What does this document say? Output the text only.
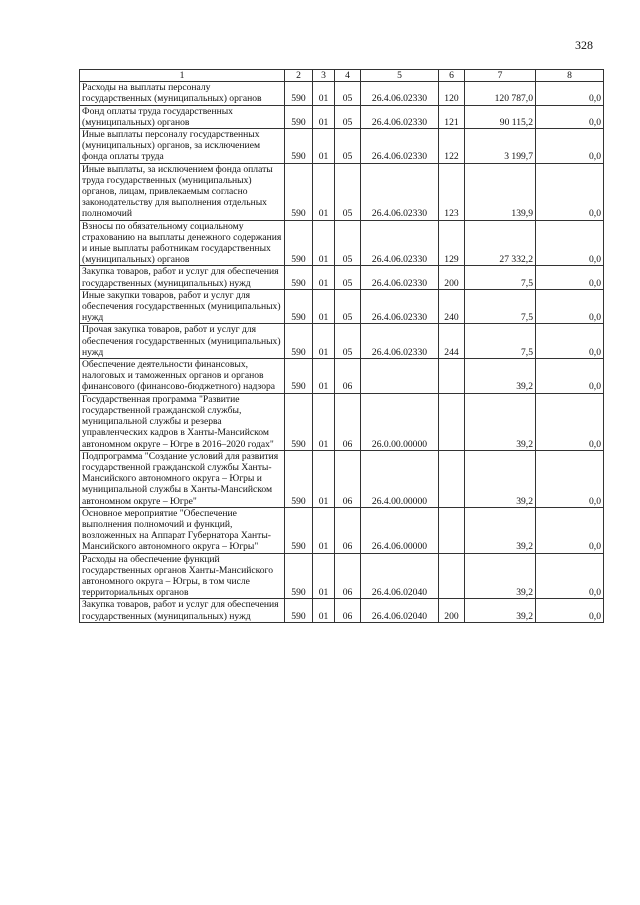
328
1	2	3	4	5	6	7	8
Расходы на выплаты персоналу государственных (муниципальных) органов	590	01	05	26.4.06.02330	120	120 787,0	0,0
Фонд оплаты труда государственных (муниципальных) органов	590	01	05	26.4.06.02330	121	90 115,2	0,0
Иные выплаты персоналу государственных (муниципальных) органов, за исключением фонда оплаты труда	590	01	05	26.4.06.02330	122	3 199,7	0,0
Иные выплаты, за исключением фонда оплаты труда государственных (муниципальных) органов, лицам, привлекаемым согласно законодательству для выполнения отдельных полномочий	590	01	05	26.4.06.02330	123	139,9	0,0
Взносы по обязательному социальному страхованию на выплаты денежного содержания и иные выплаты работникам государственных (муниципальных) органов	590	01	05	26.4.06.02330	129	27 332,2	0,0
Закупка товаров, работ и услуг для обеспечения государственных (муниципальных) нужд	590	01	05	26.4.06.02330	200	7,5	0,0
Иные закупки товаров, работ и услуг для обеспечения государственных (муниципальных) нужд	590	01	05	26.4.06.02330	240	7,5	0,0
Прочая закупка товаров, работ и услуг для обеспечения государственных (муниципальных) нужд	590	01	05	26.4.06.02330	244	7,5	0,0
Обеспечение деятельности финансовых, налоговых и таможенных органов и органов финансового (финансово-бюджетного) надзора	590	01	06			39,2	0,0
Государственная программа "Развитие государственной гражданской службы, муниципальной службы и резерва управленческих кадров в Ханты-Мансийском автономном округе – Югре в 2016–2020 годах"	590	01	06	26.0.00.00000		39,2	0,0
Подпрограмма "Создание условий для развития государственной гражданской службы Ханты-Мансийского автономного округа – Югры и муниципальной службы в Ханты-Мансийском автономном округе – Югре"	590	01	06	26.4.00.00000		39,2	0,0
Основное мероприятие "Обеспечение выполнения полномочий и функций, возложенных на Аппарат Губернатора Ханты-Мансийского автономного округа – Югры"	590	01	06	26.4.06.00000		39,2	0,0
Расходы на обеспечение функций государственных органов Ханты-Мансийского автономного округа – Югры, в том числе территориальных органов	590	01	06	26.4.06.02040		39,2	0,0
Закупка товаров, работ и услуг для обеспечения государственных (муниципальных) нужд	590	01	06	26.4.06.02040	200	39,2	0,0
